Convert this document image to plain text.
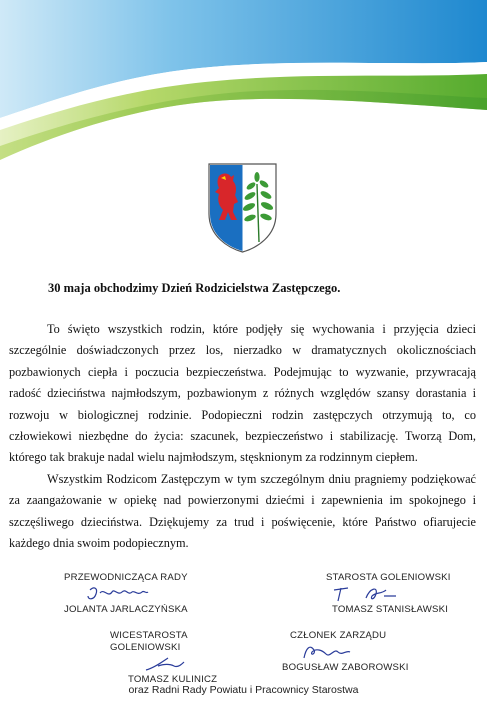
30 maja obchodzimy Dzień Rodzicielstwa Zastępczego.

To święto wszystkich rodzin, które podjęły się wychowania i przyjęcia dzieci szczególnie doświadczonych przez los, nierzadko w dramatycznych okolicznościach pozbawionych ciepła i poczucia bezpieczeństwa. Podejmując to wyzwanie, przywracają radość dzieciństwa najmłodszym, pozbawionym z różnych względów szansy dorastania i rozwoju w biologicznej rodzinie. Podopieczni rodzin zastępczych otrzymują to, co człowiekowi niezbędne do życia: szacunek, bezpieczeństwo i stabilizację. Tworzą Dom, którego tak brakuje nadal wielu najmłodszym, stęsknionym za rodzinnym ciepłem.

Wszystkim Rodzicom Zastępczym w tym szczególnym dniu pragniemy podziękować za zaangażowanie w opiekę nad powierzonymi dziećmi i zapewnienia im spokojnego i szczęśliwego dzieciństwa. Dziękujemy za trud i poświęcenie, które Państwo ofiarujecie każdego dnia swoim podopiecznym.

PRZEWODNICZĄCA RADY
JOLANTA JARLACZYŃSKA
STAROSTA GOLENIOWSKI
TOMASZ STANISŁAWSKI
WICESTAROSTA GOLENIOWSKI
TOMASZ KULINICZ
CZŁONEK ZARZĄDU
BOGUSŁAW ZABOROWSKI
oraz Radni Rady Powiatu i Pracownicy Starostwa
